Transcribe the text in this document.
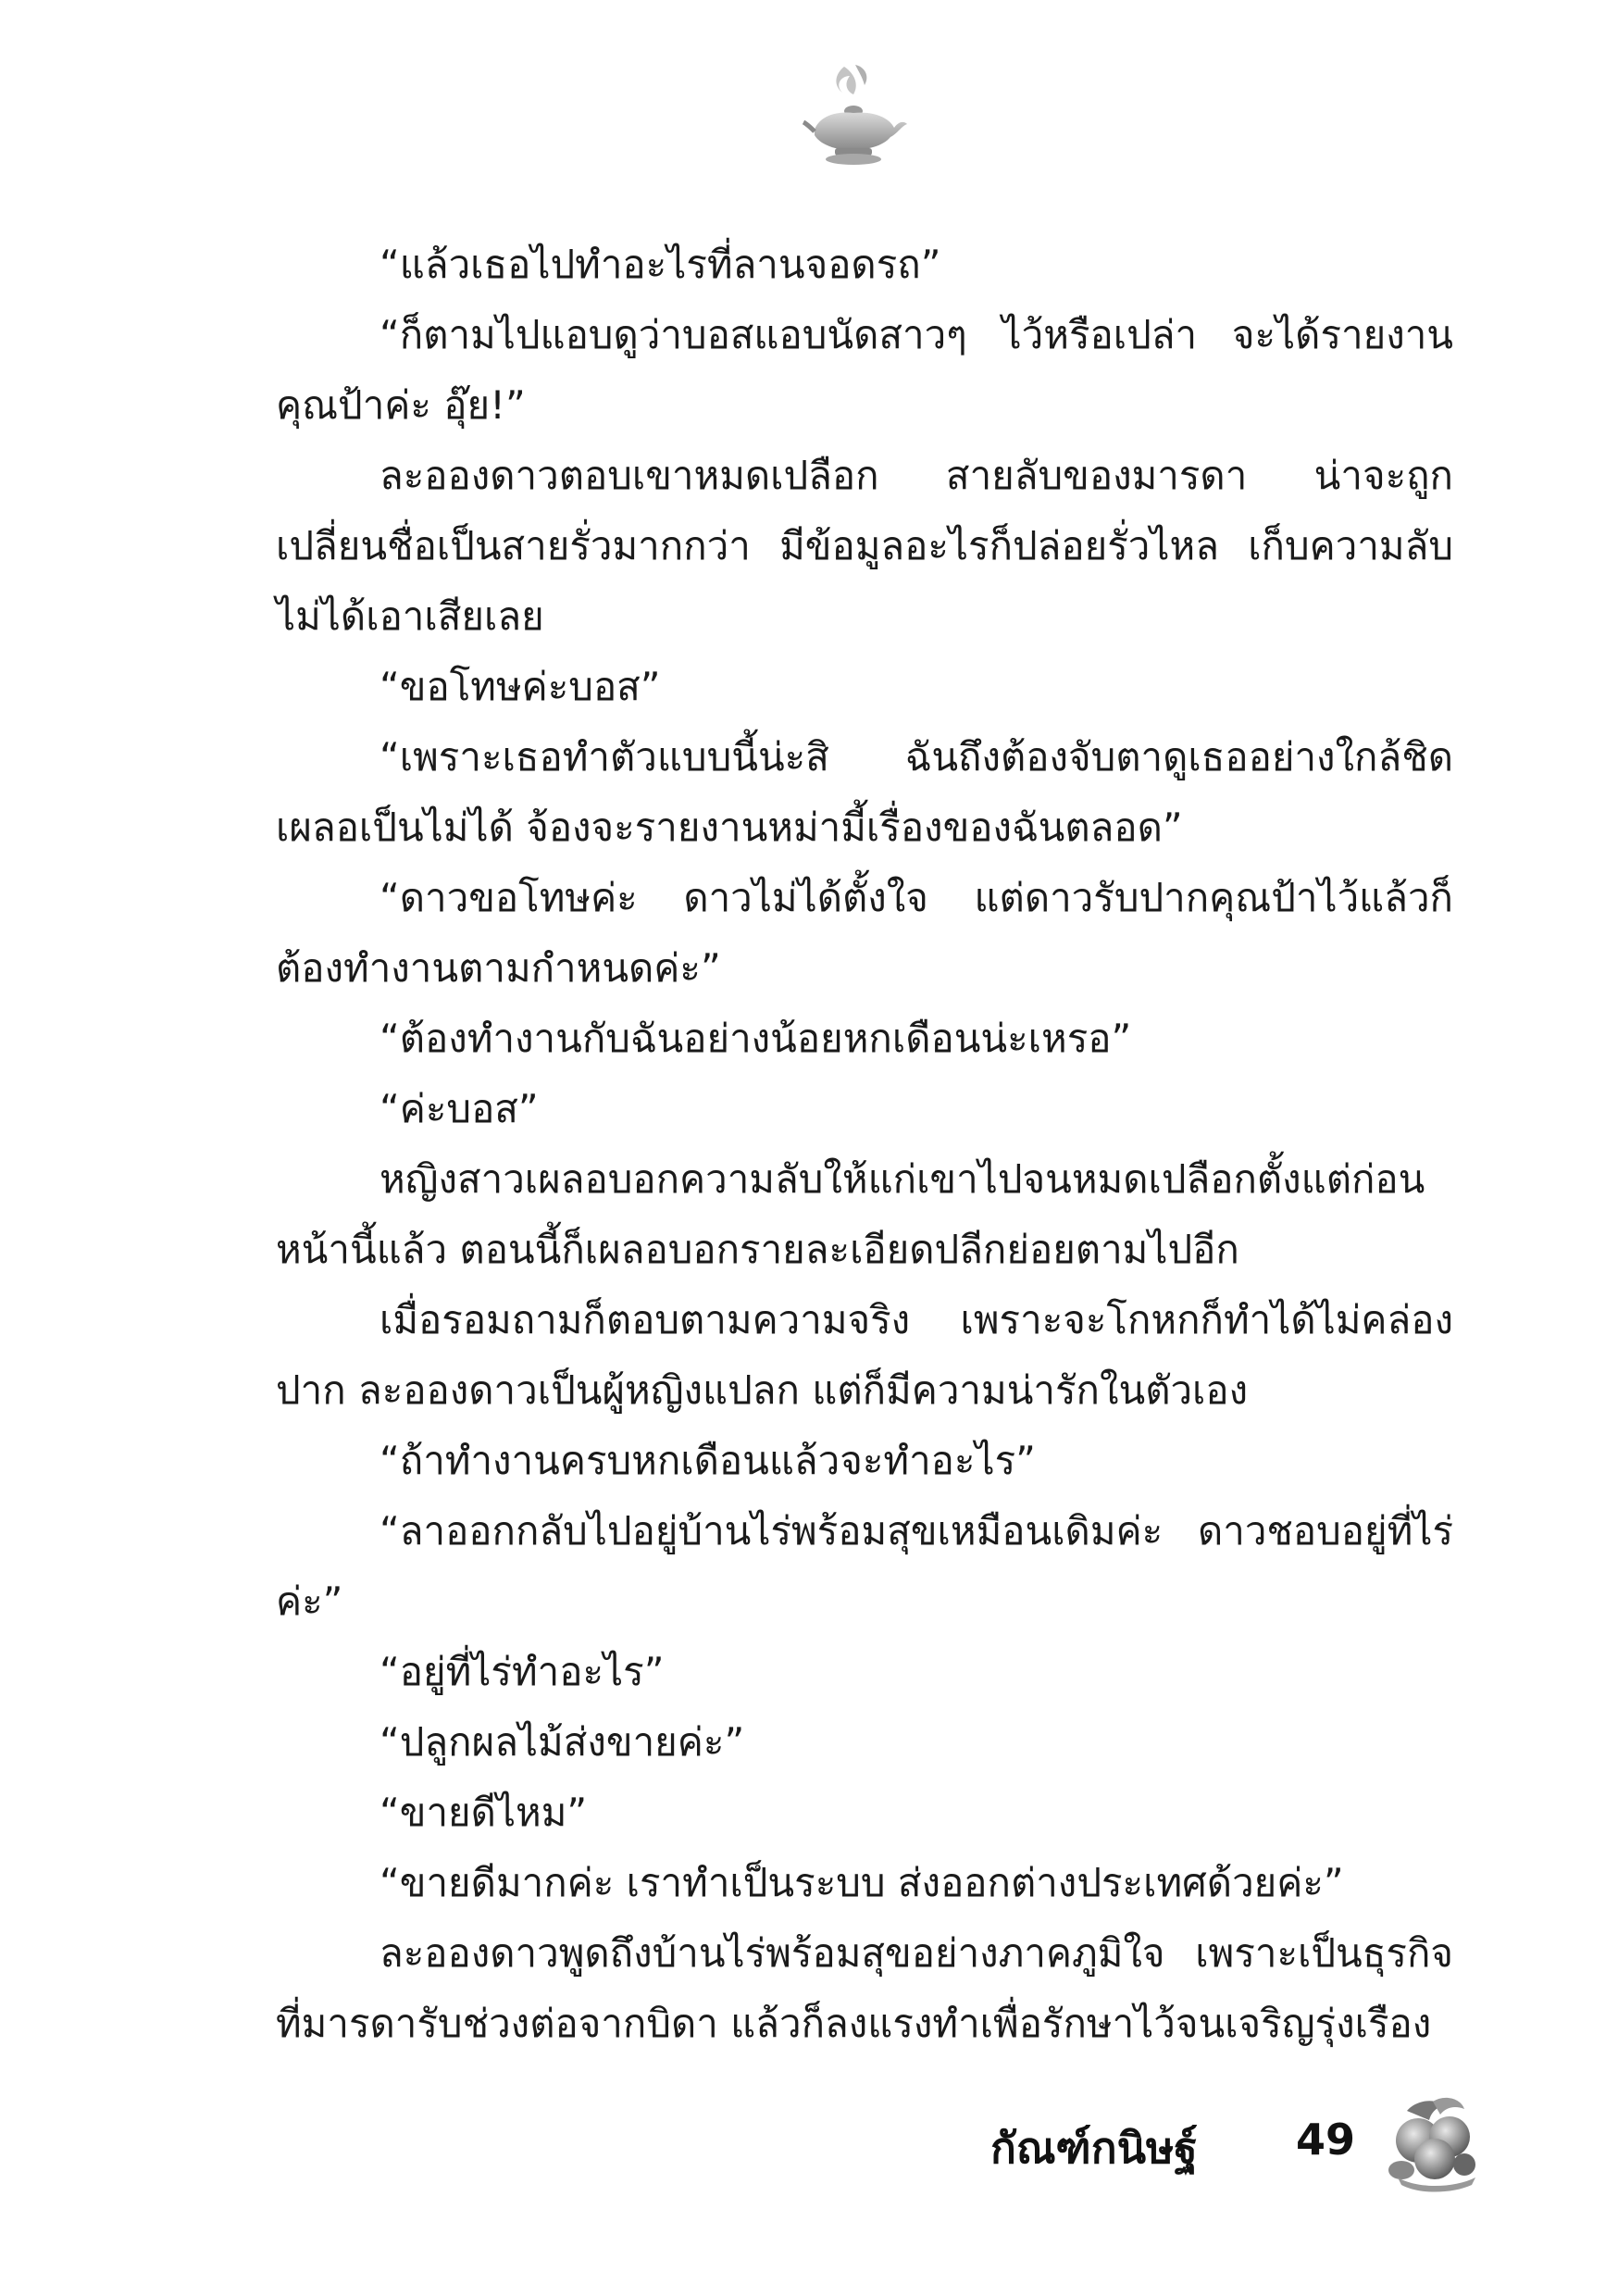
“แล้วเธอไปทำอะไรที่ลานจอดรถ”

“ก็ตามไปแอบดูว่าบอสแอบนัดสาวๆ ไว้หรือเปล่า จะได้รายงานคุณป้าค่ะ อุ๊ย!”

ละอองดาวตอบเขาหมดเปลือก สายลับของมารดา น่าจะถูกเปลี่ยนชื่อเป็นสายรั่วมากกว่า มีข้อมูลอะไรก็ปล่อยรั่วไหล เก็บความลับไม่ได้เอาเสียเลย

“ขอโทษค่ะบอส”

“เพราะเธอทำตัวแบบนี้น่ะสิ ฉันถึงต้องจับตาดูเธออย่างใกล้ชิดเผลอเป็นไม่ได้ จ้องจะรายงานหม่ามี้เรื่องของฉันตลอด”

“ดาวขอโทษค่ะ ดาวไม่ได้ตั้งใจ แต่ดาวรับปากคุณป้าไว้แล้วก็ต้องทำงานตามกำหนดค่ะ”

“ต้องทำงานกับฉันอย่างน้อยหกเดือนน่ะเหรอ”

“ค่ะบอส”

หญิงสาวเผลอบอกความลับให้แก่เขาไปจนหมดเปลือกตั้งแต่ก่อนหน้านี้แล้ว ตอนนี้ก็เผลอบอกรายละเอียดปลีกย่อยตามไปอีก

เมื่อรอมถามก็ตอบตามความจริง เพราะจะโกหกก็ทำได้ไม่คล่องปาก ละอองดาวเป็นผู้หญิงแปลก แต่ก็มีความน่ารักในตัวเอง

“ถ้าทำงานครบหกเดือนแล้วจะทำอะไร”

“ลาออกกลับไปอยู่บ้านไร่พร้อมสุขเหมือนเดิมค่ะ ดาวชอบอยู่ที่ไร่ค่ะ”

“อยู่ที่ไร่ทำอะไร”

“ปลูกผลไม้ส่งขายค่ะ”

“ขายดีไหม”

“ขายดีมากค่ะ เราทำเป็นระบบ ส่งออกต่างประเทศด้วยค่ะ”

ละอองดาวพูดถึงบ้านไร่พร้อมสุขอย่างภาคภูมิใจ เพราะเป็นธุรกิจที่มารดารับช่วงต่อจากบิดา แล้วก็ลงแรงทำเพื่อรักษาไว้จนเจริญรุ่งเรือง

กัณฑ์กนิษฐ์ 49
